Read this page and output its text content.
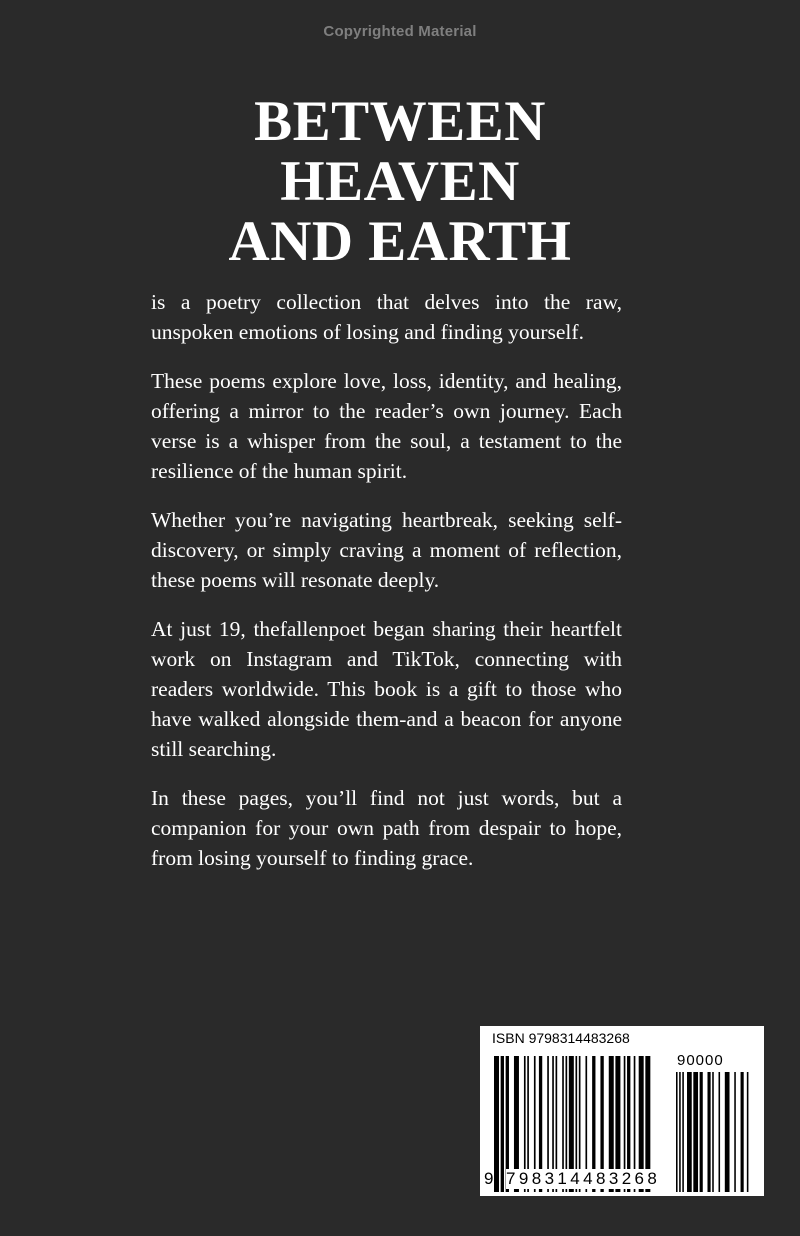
Copyrighted Material
BETWEEN
HEAVEN
AND EARTH

is a poetry collection that delves into the raw, unspoken emotions of losing and finding yourself.

These poems explore love, loss, identity, and healing, offering a mirror to the reader’s own journey. Each verse is a whisper from the soul, a testament to the resilience of the human spirit.

Whether you’re navigating heartbreak, seeking self-discovery, or simply craving a moment of reflection, these poems will resonate deeply.

At just 19, thefallenpoet began sharing their heartfelt work on Instagram and TikTok, connecting with readers worldwide. This book is a gift to those who have walked alongside them-and a beacon for anyone still searching.

In these pages, you’ll find not just words, but a companion for your own path from despair to hope, from losing yourself to finding grace.

ISBN 9798314483268
90000
9 798314483268
